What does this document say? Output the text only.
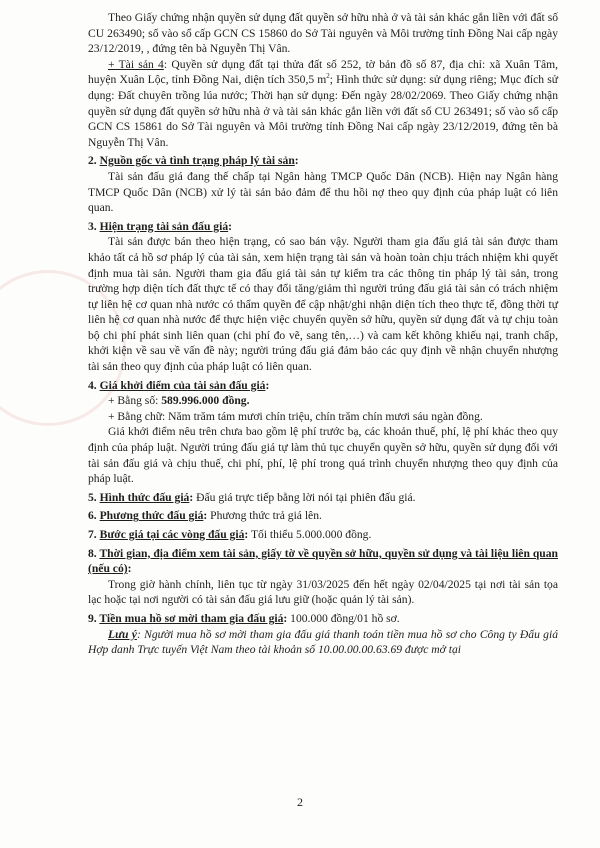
Theo Giấy chứng nhận quyền sử dụng đất quyền sở hữu nhà ở và tài sản khác gắn liền với đất số CU 263490; số vào sổ cấp GCN CS 15860 do Sở Tài nguyên và Môi trường tỉnh Đồng Nai cấp ngày 23/12/2019, , đứng tên bà Nguyễn Thị Vân.

+ Tài sản 4: Quyền sử dụng đất tại thửa đất số 252, tờ bản đồ số 87, địa chỉ: xã Xuân Tâm, huyện Xuân Lộc, tỉnh Đồng Nai, diện tích 350,5 $m^2$; Hình thức sử dụng: sử dụng riêng; Mục đích sử dụng: Đất chuyên trồng lúa nước; Thời hạn sử dụng: Đến ngày 28/02/2069. Theo Giấy chứng nhận quyền sử dụng đất quyền sở hữu nhà ở và tài sản khác gắn liền với đất số CU 263491; số vào sổ cấp GCN CS 15861 do Sở Tài nguyên và Môi trường tỉnh Đồng Nai cấp ngày 23/12/2019, đứng tên bà Nguyễn Thị Vân.

2. Nguồn gốc và tình trạng pháp lý tài sản:

Tài sản đấu giá đang thế chấp tại Ngân hàng TMCP Quốc Dân (NCB). Hiện nay Ngân hàng TMCP Quốc Dân (NCB) xử lý tài sản bảo đảm để thu hồi nợ theo quy định của pháp luật có liên quan.

3. Hiện trạng tài sản đấu giá:

Tài sản được bán theo hiện trạng, có sao bán vậy. Người tham gia đấu giá tài sản được tham khảo tất cả hồ sơ pháp lý của tài sản, xem hiện trạng tài sản và hoàn toàn chịu trách nhiệm khi quyết định mua tài sản. Người tham gia đấu giá tài sản tự kiểm tra các thông tin pháp lý tài sản, trong trường hợp diện tích đất thực tế có thay đổi tăng/giảm thì người trúng đấu giá tài sản có trách nhiệm tự liên hệ cơ quan nhà nước có thẩm quyền để cập nhật/ghi nhận diện tích theo thực tế, đồng thời tự liên hệ cơ quan nhà nước để thực hiện việc chuyển quyền sở hữu, quyền sử dụng đất và tự chịu toàn bộ chi phí phát sinh liên quan (chi phí đo vẽ, sang tên,…) và cam kết không khiếu nại, tranh chấp, khởi kiện về sau về vấn đề này; người trúng đấu giá đảm bảo các quy định về nhận chuyển nhượng tài sản theo quy định của pháp luật có liên quan.

4. Giá khởi điểm của tài sản đấu giá:

+ Bằng số: 589.996.000 đồng.

+ Bằng chữ: Năm trăm tám mươi chín triệu, chín trăm chín mươi sáu ngàn đồng.

Giá khởi điểm nêu trên chưa bao gồm lệ phí trước bạ, các khoản thuế, phí, lệ phí khác theo quy định của pháp luật. Người trúng đấu giá tự làm thủ tục chuyển quyền sở hữu, quyền sử dụng đối với tài sản đấu giá và chịu thuế, chi phí, phí, lệ phí trong quá trình chuyển nhượng theo quy định của pháp luật.

5. Hình thức đấu giá: Đấu giá trực tiếp bằng lời nói tại phiên đấu giá.

6. Phương thức đấu giá: Phương thức trả giá lên.

7. Bước giá tại các vòng đấu giá: Tối thiểu 5.000.000 đồng.

8. Thời gian, địa điểm xem tài sản, giấy tờ về quyền sở hữu, quyền sử dụng và tài liệu liên quan (nếu có):

Trong giờ hành chính, liên tục từ ngày 31/03/2025 đến hết ngày 02/04/2025 tại nơi tài sản tọa lạc hoặc tại nơi người có tài sản đấu giá lưu giữ (hoặc quản lý tài sản).

9. Tiền mua hồ sơ mời tham gia đấu giá: 100.000 đồng/01 hồ sơ.

Lưu ý: Người mua hồ sơ mời tham gia đấu giá thanh toán tiền mua hồ sơ cho Công ty Đấu giá Hợp danh Trực tuyến Việt Nam theo tài khoản số 10.00.00.00.63.69 được mở tại

2
